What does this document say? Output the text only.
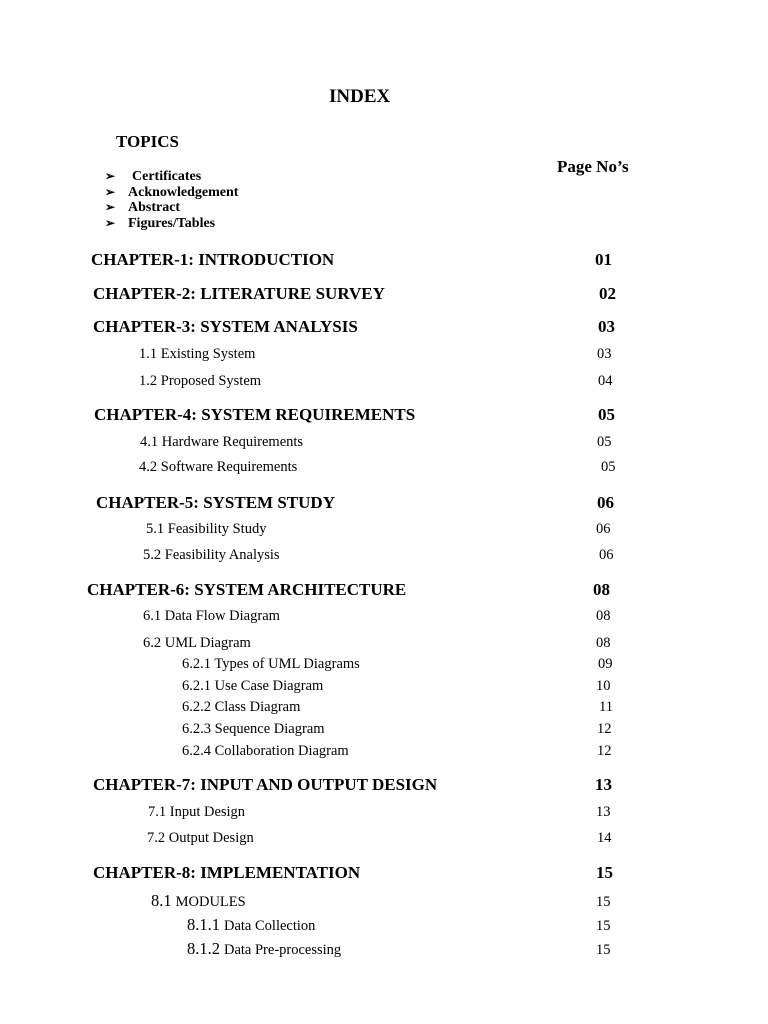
INDEX
TOPICS
Page No’s
➢ Certificates
➢ Acknowledgement
➢ Abstract
➢ Figures/Tables
CHAPTER-1: INTRODUCTION	01
CHAPTER-2: LITERATURE SURVEY	02
CHAPTER-3: SYSTEM ANALYSIS	03
1.1 Existing System	03
1.2 Proposed System	04
CHAPTER-4: SYSTEM REQUIREMENTS	05
4.1 Hardware Requirements	05
4.2 Software Requirements	05
CHAPTER-5: SYSTEM STUDY	06
5.1 Feasibility Study	06
5.2 Feasibility Analysis	06
CHAPTER-6: SYSTEM ARCHITECTURE	08
6.1 Data Flow Diagram	08
6.2 UML Diagram	08
6.2.1 Types of UML Diagrams	09
6.2.1 Use Case Diagram	10
6.2.2 Class Diagram	11
6.2.3 Sequence Diagram	12
6.2.4 Collaboration Diagram	12
CHAPTER-7: INPUT AND OUTPUT DESIGN	13
7.1 Input Design	13
7.2 Output Design	14
CHAPTER-8: IMPLEMENTATION	15
8.1 MODULES	15
8.1.1 Data Collection	15
8.1.2 Data Pre-processing	15
